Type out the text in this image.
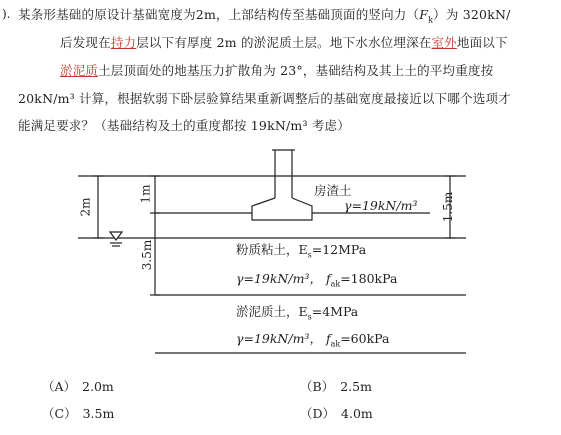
). 某条形基础的原设计基础宽度为2m，上部结构传至基础顶面的竖向力$(F_k)$为 320kN/
后发现在持力层以下有厚度 2m 的淤泥质土层。地下水水位埋深在室外地面以下
淤泥质土层顶面处的地基压力扩散角为 23°，基础结构及其上土的平均重度按
20kN/m³ 计算，根据软弱下卧层验算结果重新调整后的基础宽度最接近以下哪个选项才
能满足要求？（基础结构及土的重度都按 19kN/m³ 考虑）
2m
1m
3.5m
1.5m
房渣土
γ=19kN/m³
粉质粘土，$E_s=12MPa$
γ=19kN/m³， $f_{ak}=180kPa$
淤泥质土，$E_s=4MPa$
γ=19kN/m³， $f_{ak}=60kPa$
（A） 2.0m	（B） 2.5m
（C） 3.5m	（D） 4.0m
